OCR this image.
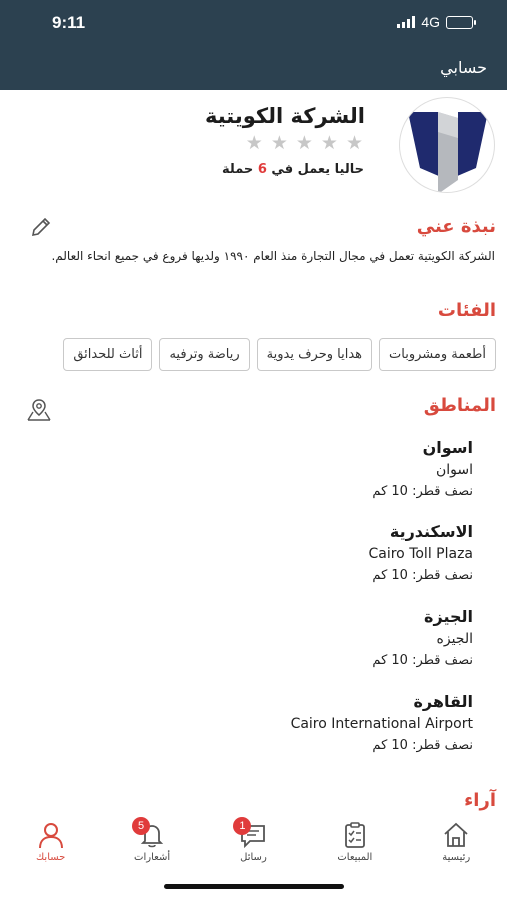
9:11	4G
حسابي
الشركة الكويتية
★
★
★
★
★
حاليا يعمل في 6 حملة
نبذة عني
الشركة الكويتية تعمل في مجال التجارة منذ العام ١٩٩٠ ولديها فروع في جميع انحاء العالم.
الفئات
أطعمة ومشروبات
هدايا وحرف يدوية
رياضة وترفيه
أثاث للحدائق
المناطق
اسوان
اسوان
نصف قطر: 10 كم
الاسكندرية
Cairo Toll Plaza
نصف قطر: 10 كم
الجيزة
الجيزه
نصف قطر: 10 كم
القاهرة
Cairo International Airport
نصف قطر: 10 كم
آراء
رئيسية
المبيعات
1
رسائل
5
أشعارات
حسابك
